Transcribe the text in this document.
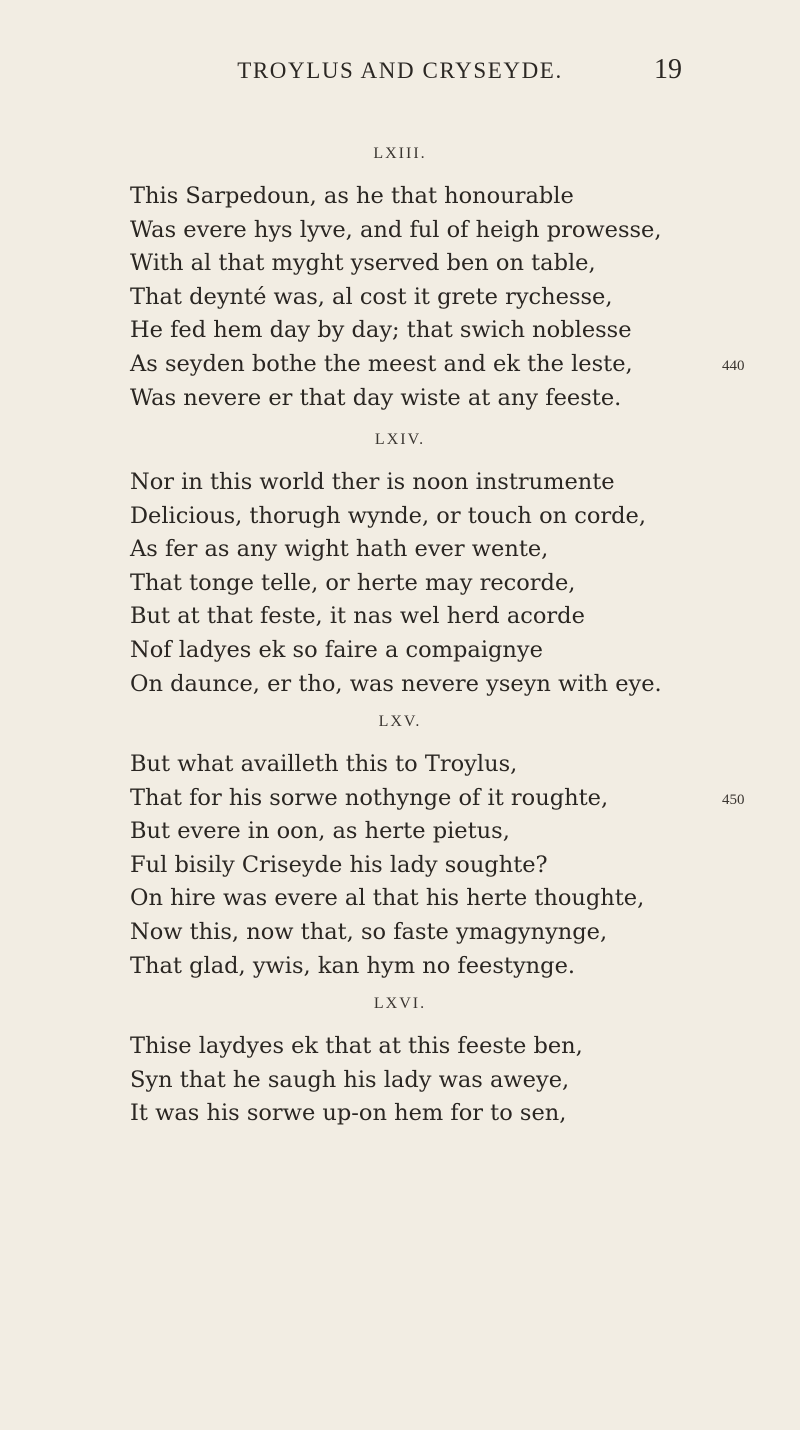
TROYLUS AND CRYSEYDE.	19
LXIII.
This Sarpedoun, as he that honourable
Was evere hys lyve, and ful of heigh prowesse,
With al that myght yserved ben on table,
That deynté was, al cost it grete rychesse,
He fed hem day by day; that swich noblesse
As seyden bothe the meest and ek the leste,	440
Was nevere er that day wiste at any feeste.
LXIV.
Nor in this world ther is noon instrumente
Delicious, thorugh wynde, or touch on corde,
As fer as any wight hath ever wente,
That tonge telle, or herte may recorde,
But at that feste, it nas wel herd acorde
Nof ladyes ek so faire a compaignye
On daunce, er tho, was nevere yseyn with eye.
LXV.
But what availleth this to Troylus,
That for his sorwe nothynge of it roughte,	450
But evere in oon, as herte pietus,
Ful bisily Criseyde his lady soughte?
On hire was evere al that his herte thoughte,
Now this, now that, so faste ymagynynge,
That glad, ywis, kan hym no feestynge.
LXVI.
Thise laydyes ek that at this feeste ben,
Syn that he saugh his lady was aweye,
It was his sorwe up-on hem for to sen,
